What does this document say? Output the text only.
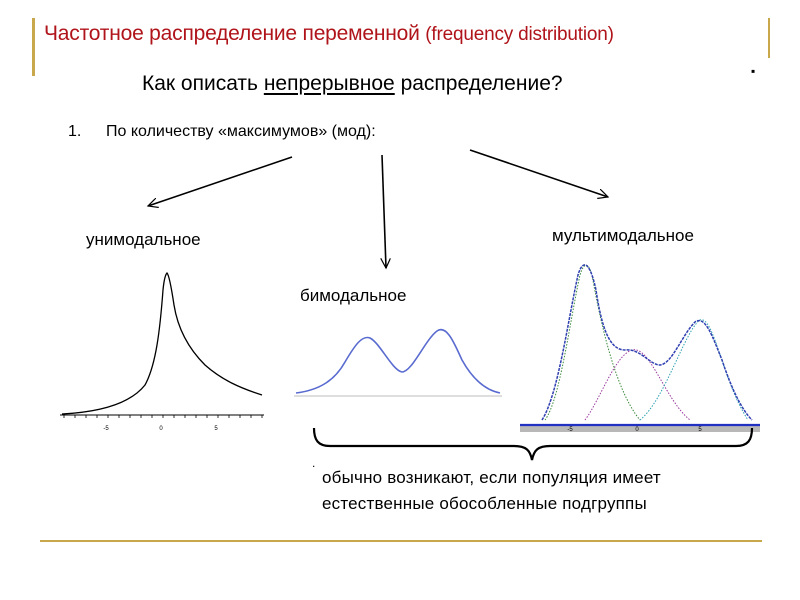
Частотное распределение переменной (frequency distribution)
Как описать непрерывное распределение?
▪
1. По количеству «максимумов» (мод):
унимодальное
бимодальное
мультимодальное
-5	0	5	-5	0	5
.
обычно возникают, если популяция имеет
естественные обособленные подгруппы
